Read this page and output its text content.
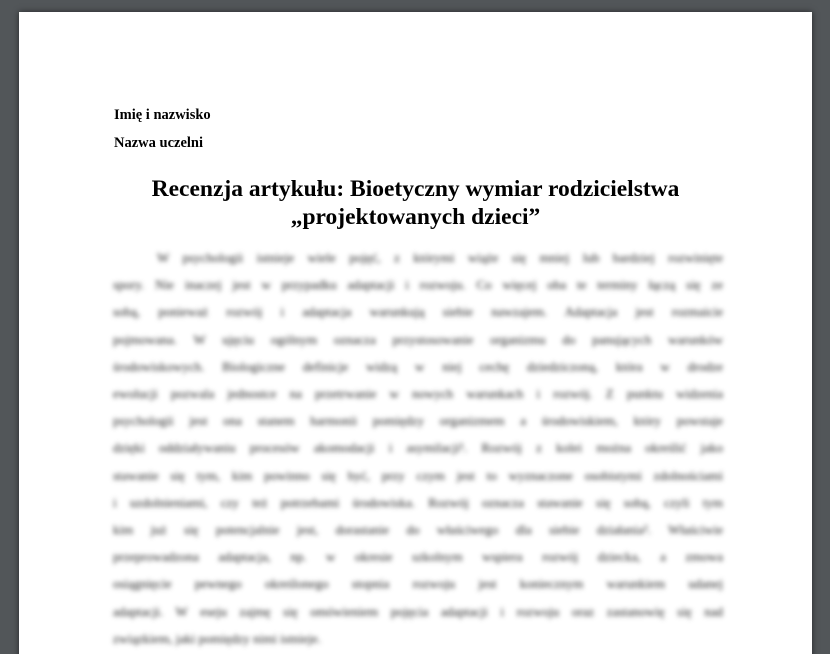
Imię i nazwisko
Nazwa uczelni
Recenzja artykułu: Bioetyczny wymiar rodzicielstwa
„projektowanych dzieci”
W psychologii istnieje wiele pojęć, z którymi wiąże się mniej lub bardziej rozwinięte
spory. Nie inaczej jest w przypadku adaptacji i rozwoju. Co więcej oba te terminy łączą się ze
sobą, ponieważ rozwój i adaptacja warunkują siebie nawzajem. Adaptacja jest rozmaicie
pojmowana. W ujęciu ogólnym oznacza przystosowanie organizmu do panujących warunków
środowiskowych. Biologiczne definicje widzą w niej cechę dziedziczoną, która w drodze
ewolucji pozwala jednostce na przetrwanie w nowych warunkach i rozwój. Z punktu widzenia
psychologii jest ona stanem harmonii pomiędzy organizmem a środowiskiem, który powstaje
dzięki oddziaływaniu procesów akomodacji i asymilacji¹. Rozwój z kolei można określić jako
stawanie się tym, kim powinno się być, przy czym jest to wyznaczone osobistymi zdolnościami
i uzdolnieniami, czy też potrzebami środowiska. Rozwój oznacza stawanie się sobą, czyli tym
kim już się potencjalnie jest, dorastanie do właściwego dla siebie działania². Właściwie
przeprowadzona adaptacja, np. w okresie szkolnym wspiera rozwój dziecka, a zmowa
osiągnięcie pewnego określonego stopnia rozwoju jest koniecznym warunkiem udanej
adaptacji. W eseju zajmę się omówieniem pojęcia adaptacji i rozwoju oraz zastanowię się nad
związkiem, jaki pomiędzy nimi istnieje.
